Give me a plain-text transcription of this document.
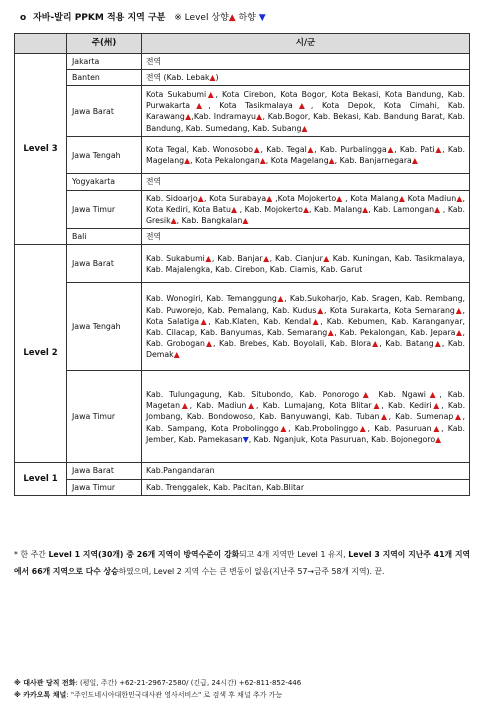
o 자바-발리 PPKM 적용 지역 구분 ※ Level 상향▲ 하향 ▼
	주(州)	시/군
Level 3	Jakarta	전역
	Banten	전역 (Kab. Lebak▲)
	Jawa Barat	Kota Sukabumi▲, Kota Cirebon, Kota Bogor, Kota Bekasi, Kota Bandung, Kab. Purwakarta▲, Kota Tasikmalaya▲, Kota Depok, Kota Cimahi, Kab. Karawang▲,Kab. Indramayu▲, Kab.Bogor, Kab. Bekasi, Kab. Bandung Barat, Kab. Bandung, Kab. Sumedang, Kab. Subang▲
	Jawa Tengah	Kota Tegal, Kab. Wonosobo▲, Kab. Tegal▲, Kab. Purbalingga▲, Kab. Pati▲, Kab. Magelang▲, Kota Pekalongan▲, Kota Magelang▲, Kab. Banjarnegara▲
	Yogyakarta	전역
	Jawa Timur	Kab. Sidoarjo▲, Kota Surabaya▲ ,Kota Mojokerto▲ , Kota Malang▲ Kota Madiun▲, Kota Kediri, Kota Batu▲ , Kab. Mojokerto▲, Kab. Malang▲, Kab. Lamongan▲ , Kab. Gresik▲, Kab. Bangkalan▲
	Bali	전역
Level 2	Jawa Barat	Kab. Sukabumi▲, Kab. Banjar▲, Kab. Cianjur▲ Kab. Kuningan, Kab. Tasikmalaya, Kab. Majalengka, Kab. Cirebon, Kab. Ciamis, Kab. Garut
	Jawa Tengah	Kab. Wonogiri, Kab. Temanggung▲, Kab.Sukoharjo, Kab. Sragen, Kab. Rembang, Kab. Puworejo, Kab. Pemalang, Kab. Kudus▲, Kota Surakarta, Kota Semarang▲, Kota Salatiga▲, Kab.Klaten, Kab. Kendal▲, Kab. Kebumen, Kab. Karanganyar, Kab. Cilacap, Kab. Banyumas, Kab. Semarang▲, Kab. Pekalongan, Kab. Jepara▲, Kab. Grobogan▲, Kab. Brebes, Kab. Boyolali, Kab. Blora▲, Kab. Batang▲, Kab. Demak▲
	Jawa Timur	Kab. Tulungagung, Kab. Situbondo, Kab. Ponorogo▲ Kab. Ngawi▲, Kab. Magetan▲, Kab. Madiun▲, Kab. Lumajang, Kota Blitar▲, Kab. Kediri▲, Kab. Jombang, Kab. Bondowoso, Kab. Banyuwangi, Kab. Tuban▲, Kab. Sumenap▲, Kab. Sampang, Kota Probolinggo▲, Kab.Probolinggo▲, Kab. Pasuruan▲, Kab. Jember, Kab. Pamekasan▼, Kab. Nganjuk, Kota Pasuruan, Kab. Bojonegoro▲
Level 1	Jawa Barat	Kab.Pangandaran
	Jawa Timur	Kab. Trenggalek, Kab. Pacitan, Kab.Blitar
* 한 주간 Level 1 지역(30개) 중 26개 지역이 방역수준이 강화되고 4개 지역만 Level 1 유지, Level 3 지역이 지난주 41개 지역에서 66개 지역으로 다수 상승하였으며, Level 2 지역 수는 큰 변동이 없음(지난주 57→금주 58개 지역). 끝.
※ 대사관 당직 전화: (평일, 주간) +62-21-2967-2580/ (긴급, 24시간) +62-811-852-446
※ 카카오톡 채널: "주인도네시아대한민국대사관 영사서비스" 로 검색 후 채널 추가 가능
